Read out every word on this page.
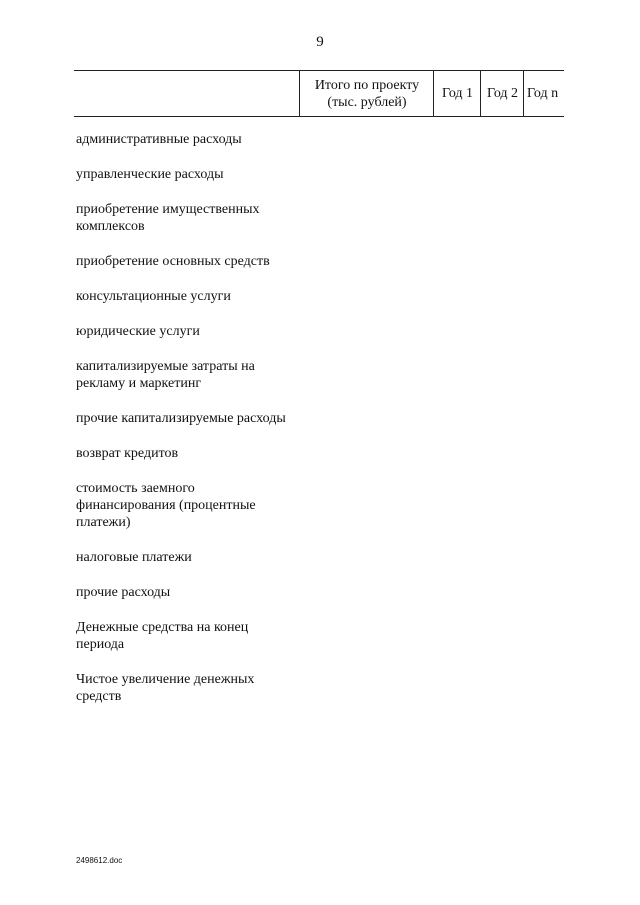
9
Итого по проекту
(тыс. рублей)
Год 1 Год 2 Год n
административные расходы
управленческие расходы
приобретение имущественных комплексов
приобретение основных средств
консультационные услуги
юридические услуги
капитализируемые затраты на рекламу и маркетинг
прочие капитализируемые расходы
возврат кредитов
стоимость заемного финансирования (процентные платежи)
налоговые платежи
прочие расходы
Денежные средства на конец периода
Чистое увеличение денежных средств
2498612.doc
